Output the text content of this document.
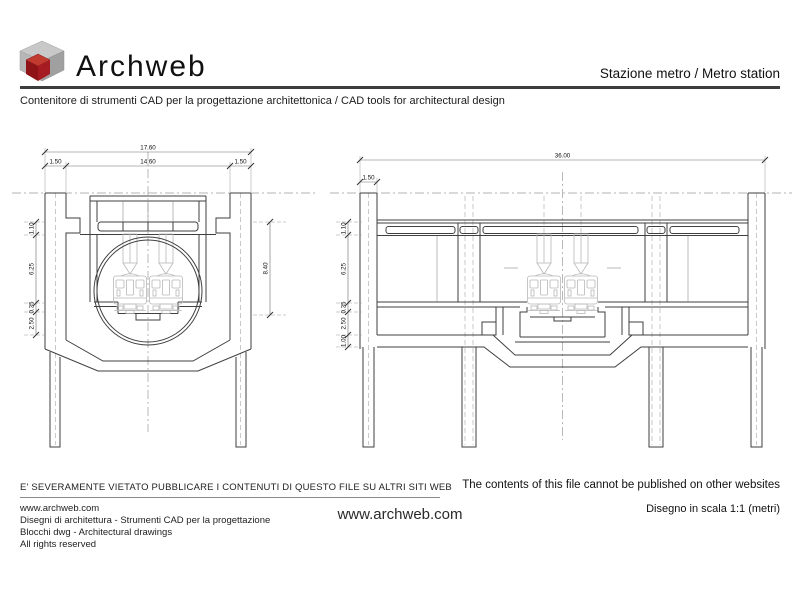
Archweb	Stazione metro / Metro station
Contenitore di strumenti CAD per la progettazione architettonica / CAD tools for architectural design
17.60
1.50	14.60	1.50
1.10
6.25
0.35
2.50
8.40
36.00
1.50
1.10
6.25
0.35
2.50
1.00
E' SEVERAMENTE VIETATO PUBBLICARE I CONTENUTI DI QUESTO FILE SU ALTRI SITI WEB The contents of this file cannot be published on other websites
www.archweb.com
Disegni di architettura - Strumenti CAD per la progettazione
Blocchi dwg - Architectural drawings
All rights reserved
www.archweb.com	Disegno in scala 1:1 (metri)
